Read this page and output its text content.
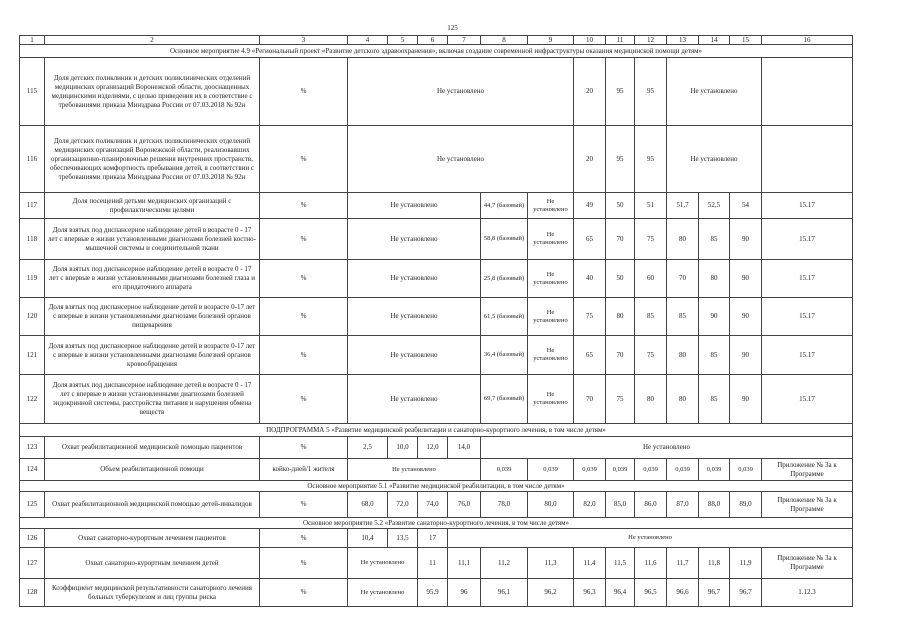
125
1	2	3	4	5	6	7	8	9	10	11	12	13	14	15	16
Основное мероприятие 4.9 «Региональный проект «Развитие детского здравоохранения», включая создание современной инфраструктуры оказания медицинской помощи детям»															
115	Доля детских поликлиник и детских поликлинических отделений медицинских организаций Воронежской области, дооснащенных медицинскими изделиями, с целью приведения их в соответствие с требованиями приказа Минздрава России от 07.03.2018 № 92н	%	Не установлено						20	95	95	Не установлено			
116	Доля детских поликлиник и детских поликлинических отделений медицинских организаций Воронежской области, реализовавших организационно-планировочные решения внутренних пространств, обеспечивающих комфортность пребывания детей, в соответствии с требованиями приказа Минздрава России от 07.03.2018 № 92н	%	Не установлено						20	95	95	Не установлено			
117	Доля посещений детьми медицинских организаций с профилактическими целями	%	Не установлено				44,7 (базовый)	Не установлено	49	50	51	51,7	52,5	54	15.17
118	Доля взятых под диспансерное наблюдение детей в возрасте 0 - 17 лет с впервые в жизни установленными диагнозами болезней костно-мышечной системы и соединительной ткани	%	Не установлено				58,8 (базовый)	Не установлено	65	70	75	80	85	90	15.17
119	Доля взятых под диспансерное наблюдение детей в возрасте 0 - 17 лет с впервые в жизни установленными диагнозами болезней глаза и его придаточного аппарата	%	Не установлено				25,8 (базовый)	Не установлено	40	50	60	70	80	90	15.17
120	Доля взятых под диспансерное наблюдение детей в возрасте 0-17 лет с впервые в жизни установленными диагнозами болезней органов пищеварения	%	Не установлено				61,5 (базовый)	Не установлено	75	80	85	85	90	90	15.17
121	Доля взятых под диспансерное наблюдение детей в возрасте 0-17 лет с впервые в жизни установленными диагнозами болезней органов кровообращения	%	Не установлено				36,4 (базовый)	Не установлено	65	70	75	80	85	90	15.17
122	Доля взятых под диспансерное наблюдение детей в возрасте 0 - 17 лет с впервые в жизни установленными диагнозами болезней эндокринной системы, расстройства питания и нарушения обмена веществ	%	Не установлено				69,7 (базовый)	Не установлено	70	75	80	80	85	90	15.17
ПОДПРОГРАММА 5 «Развитие медицинской реабилитации и санаторно-курортного лечения, в том числе детям»															
123	Охват реабилитационной медицинской помощью пациентов	%	2,5	10,0	12,0	14,0	Не установлено								
124	Объем реабилитационной помощи	койко-дней/1 жителя	Не установлено				0,039	0,039	0,039	0,039	0,039	0,039	0,039	0,039	Приложение № 3а к Программе
Основное мероприятие 5.1 «Развитие медицинской реабилитации, в том числе детям»															
125	Охват реабилитационной медицинской помощью детей-инвалидов	%	68,0	72,0	74,0	76,0	78,0	80,0	82,0	85,0	86,0	87,0	88,0	89,0	Приложение № 3а к Программе
Основное мероприятие 5.2 «Развитие санаторно-курортного лечения, в том числе детям»															
126	Охват санаторно-курортным лечением пациентов	%	10,4	13,5	17	Не установлено									
127	Охват санаторно-курортным лечением детей	%	Не установлено		11	11,1	11,2	11,3	11,4	11,5	11,6	11,7	11,8	11,9	Приложение № 3а к Программе
128	Коэффициент медицинской результативности санаторного лечения больных туберкулезом и лиц группы риска	%	Не установлено		95,9	96	96,1	96,2	96,3	96,4	96,5	96,6	96,7	96,7	1.12.3
